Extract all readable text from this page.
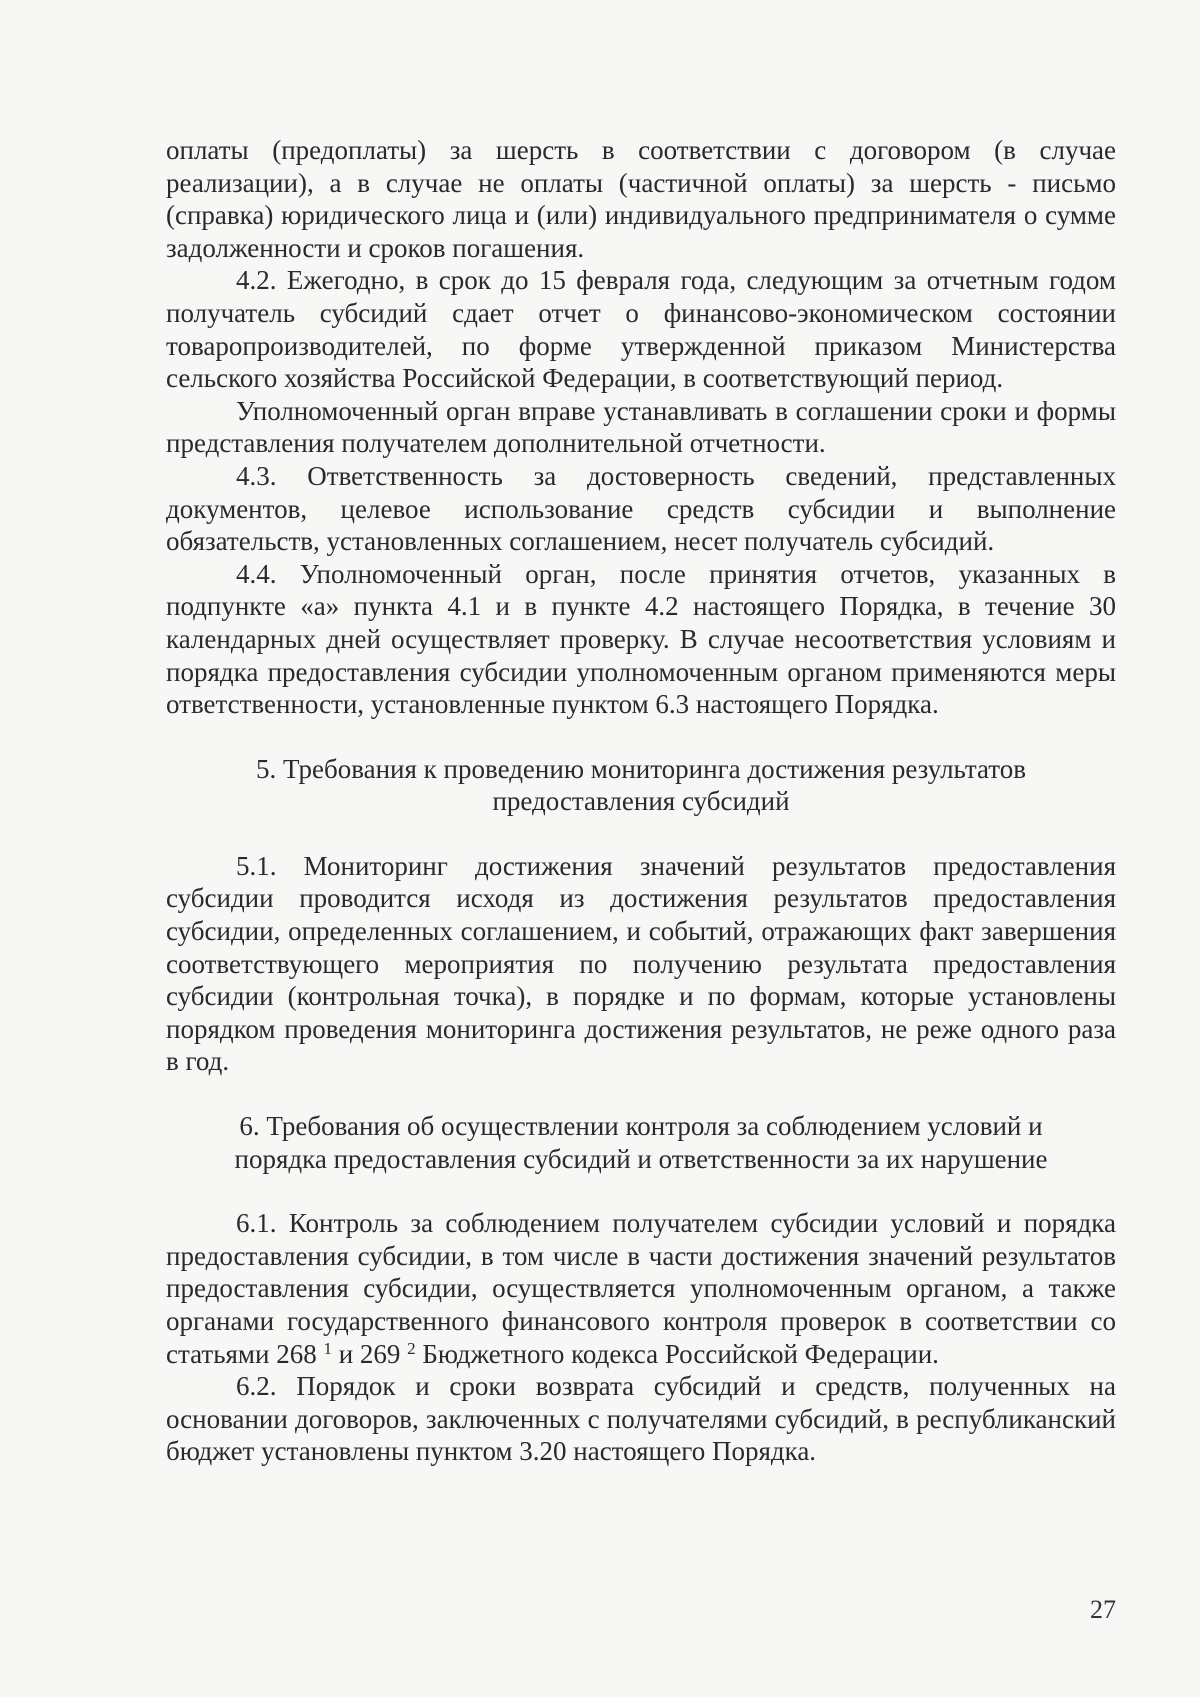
оплаты (предоплаты) за шерсть в соответствии с договором (в случае реализации), а в случае не оплаты (частичной оплаты) за шерсть - письмо (справка) юридического лица и (или) индивидуального предпринимателя о сумме задолженности и сроков погашения.

4.2. Ежегодно, в срок до 15 февраля года, следующим за отчетным годом получатель субсидий сдает отчет о финансово-экономическом состоянии товаропроизводителей, по форме утвержденной приказом Министерства сельского хозяйства Российской Федерации, в соответствующий период.

Уполномоченный орган вправе устанавливать в соглашении сроки и формы представления получателем дополнительной отчетности.

4.3. Ответственность за достоверность сведений, представленных документов, целевое использование средств субсидии и выполнение обязательств, установленных соглашением, несет получатель субсидий.

4.4. Уполномоченный орган, после принятия отчетов, указанных в подпункте «а» пункта 4.1 и в пункте 4.2 настоящего Порядка, в течение 30 календарных дней осуществляет проверку. В случае несоответствия условиям и порядка предоставления субсидии уполномоченным органом применяются меры ответственности, установленные пунктом 6.3 настоящего Порядка.

5. Требования к проведению мониторинга достижения результатов
предоставления субсидий

5.1. Мониторинг достижения значений результатов предоставления субсидии проводится исходя из достижения результатов предоставления субсидии, определенных соглашением, и событий, отражающих факт завершения соответствующего мероприятия по получению результата предоставления субсидии (контрольная точка), в порядке и по формам, которые установлены порядком проведения мониторинга достижения результатов, не реже одного раза в год.

6. Требования об осуществлении контроля за соблюдением условий и
порядка предоставления субсидий и ответственности за их нарушение

6.1. Контроль за соблюдением получателем субсидии условий и порядка предоставления субсидии, в том числе в части достижения значений результатов предоставления субсидии, осуществляется уполномоченным органом, а также органами государственного финансового контроля проверок в соответствии со статьями 268 $^1$ и 269 $^2$ Бюджетного кодекса Российской Федерации.

6.2. Порядок и сроки возврата субсидий и средств, полученных на основании договоров, заключенных с получателями субсидий, в республиканский бюджет установлены пунктом 3.20 настоящего Порядка.

27
